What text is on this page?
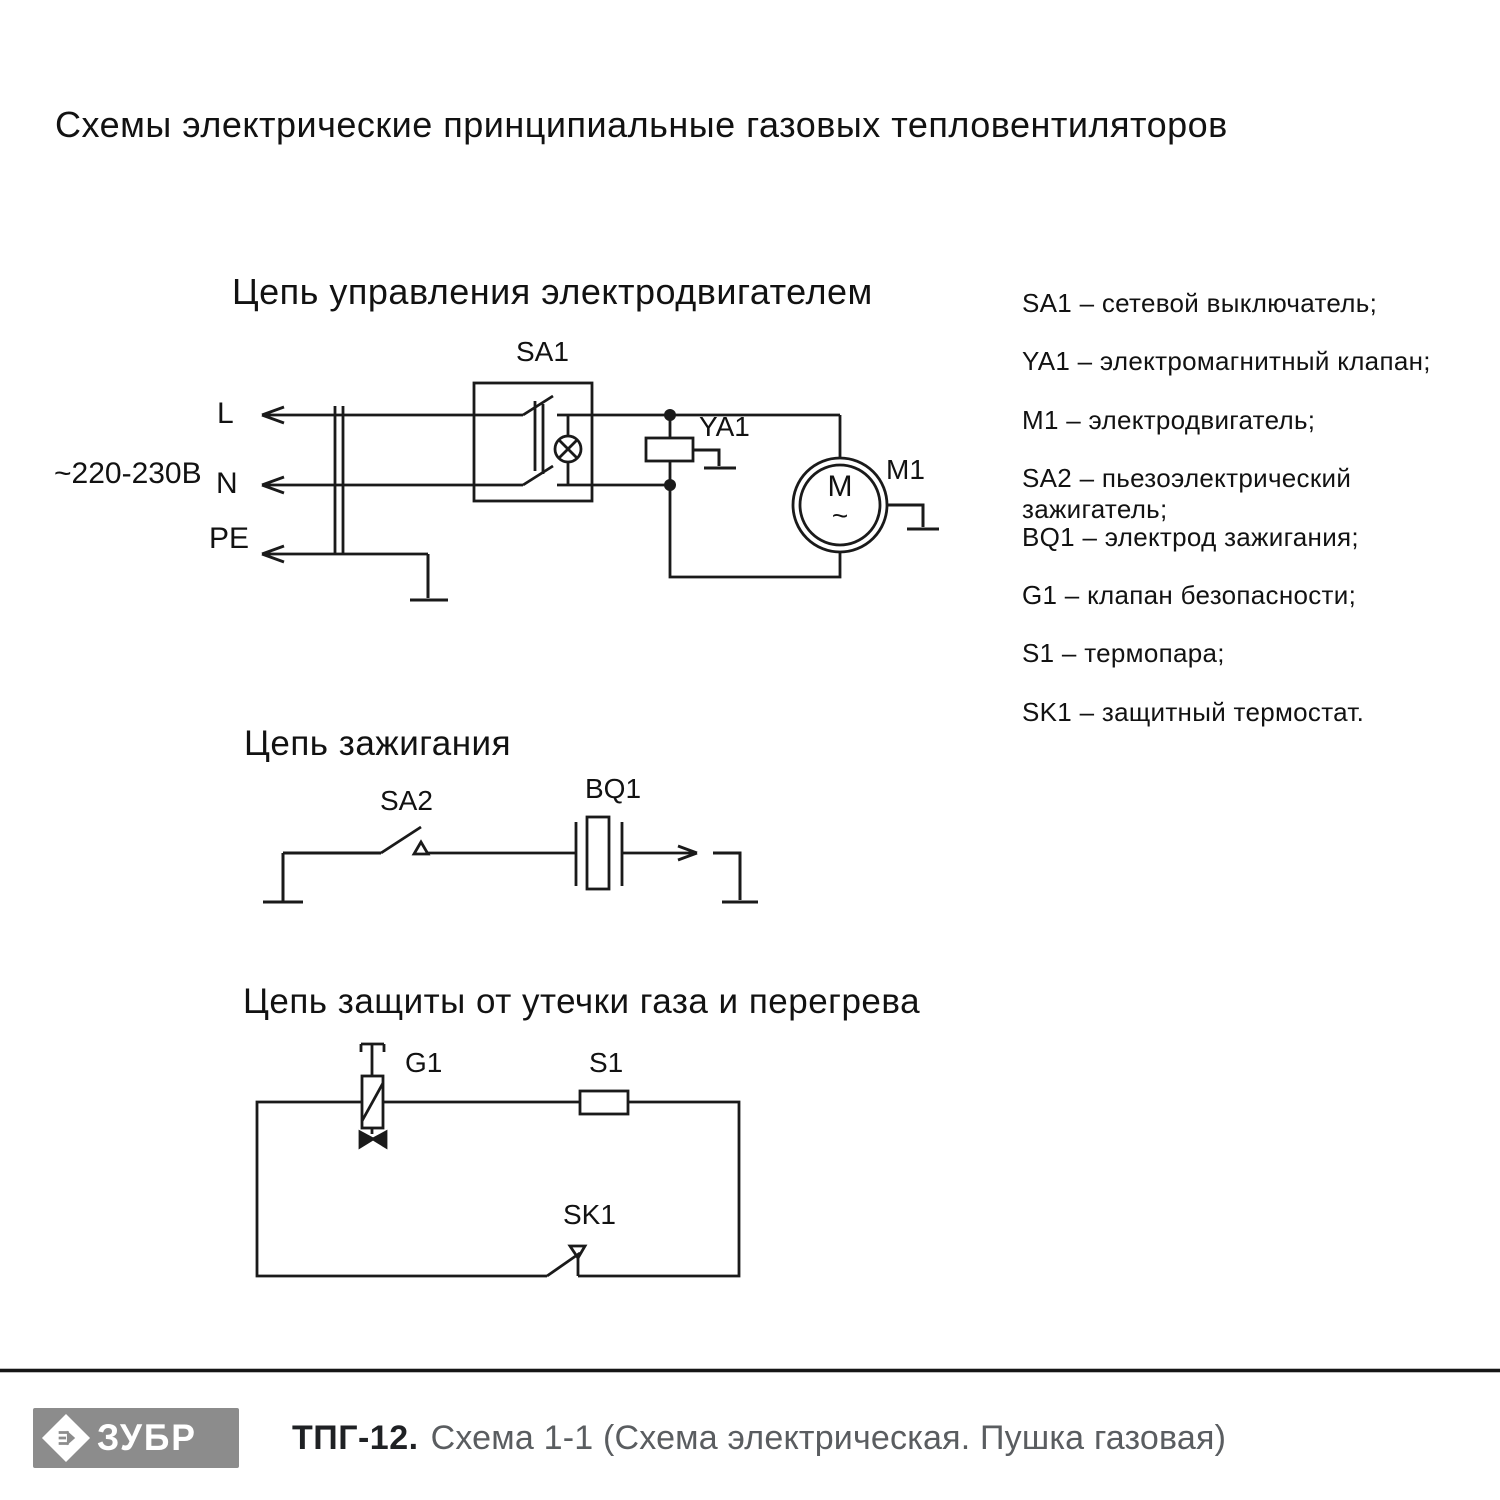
Схемы электрические принципиальные газовых тепловентиляторов
Цепь управления электродвигателем
Цепь зажигания
Цепь защиты от утечки газа и перегрева
~220-230В
L
N
PE
SA1
YA1
M1
M
~
SA2	BQ1
G1	S1
SK1
SA1 – сетевой выключатель;
YA1 – электромагнитный клапан;
M1 – электродвигатель;
SA2 – пьезоэлектрический зажигатель;
BQ1 – электрод зажигания;
G1 – клапан безопасности;
S1 – термопара;
SK1 – защитный термостат.
ЗУБР	ТПГ-12. Схема 1-1 (Схема электрическая. Пушка газовая)
